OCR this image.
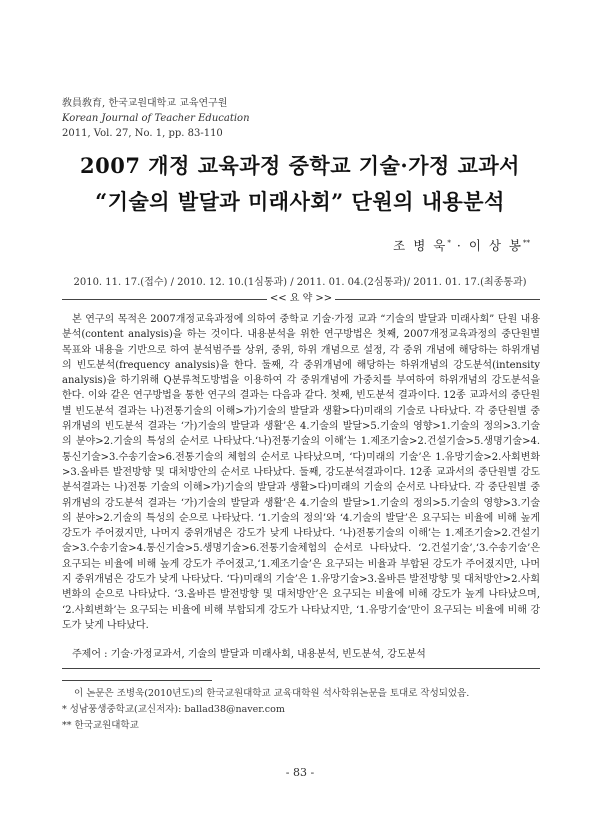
敎員敎育, 한국교원대학교 교육연구원
Korean Journal of Teacher Education
2011, Vol. 27, No. 1, pp. 83-110
2007 개정 교육과정 중학교 기술·가정 교과서
“기술의 발달과 미래사회” 단원의 내용분석
조 병 욱* · 이 상 봉**
2010. 11. 17.(접수) / 2010. 12. 10.(1심통과) / 2011. 01. 04.(2심통과)/ 2011. 01. 17.(최종통과)
<< 요 약 >>

본 연구의 목적은 2007개정교육과정에 의하여 중학교 기술·가정 교과 “기술의 발달과 미래사회” 단원 내용분석(content analysis)을 하는 것이다. 내용분석을 위한 연구방법은 첫째, 2007개정교육과정의 중단원별 목표와 내용을 기반으로 하여 분석범주를 상위, 중위, 하위 개념으로 설정, 각 중위 개념에 해당하는 하위개념의 빈도분석(frequency analysis)을 한다. 둘째, 각 중위개념에 해당하는 하위개념의 강도분석(intensity analysis)을 하기위해 Q분류척도방법을 이용하여 각 중위개념에 가중치를 부여하여 하위개념의 강도분석을 한다. 이와 같은 연구방법을 통한 연구의 결과는 다음과 같다. 첫째, 빈도분석 결과이다. 12종 교과서의 중단원별 빈도분석 결과는 나)전통기술의 이해>가)기술의 발달과 생활>다)미래의 기술로 나타났다. 각 중단원별 중위개념의 빈도분석 결과는 ‘가)기술의 발달과 생활’은 4.기술의 발달>5.기술의 영향>1.기술의 정의>3.기술의 분야>2.기술의 특성의 순서로 나타났다.‘나)전통기술의 이해’는 1.제조기술>2.건설기술>5.생명기술>4.통신기술>3.수송기술>6.전통기술의 체험의 순서로 나타났으며, ‘다)미래의 기술’은 1.유망기술>2.사회변화>3.올바른 발전방향 및 대처방안의 순서로 나타났다. 둘째, 강도분석결과이다. 12종 교과서의 중단원별 강도분석결과는 나)전통 기술의 이해>가)기술의 발달과 생활>다)미래의 기술의 순서로 나타났다. 각 중단원별 중위개념의 강도분석 결과는 ‘가)기술의 발달과 생활’은 4.기술의 발달>1.기술의 정의>5.기술의 영향>3.기술의 분야>2.기술의 특성의 순으로 나타났다. ‘1.기술의 정의’와 ‘4.기술의 발달’은 요구되는 비율에 비해 높게 강도가 주어졌지만, 나머지 중위개념은 강도가 낮게 나타났다. ‘나)전통기술의 이해’는 1.제조기술>2.건설기술>3.수송기술>4.통신기술>5.생명기술>6.전통기술체험의 순서로 나타났다. ‘2.건설기술’,‘3.수송기술’은 요구되는 비율에 비해 높게 강도가 주어졌고,‘1.제조기술’은 요구되는 비율과 부합된 강도가 주어졌지만, 나머지 중위개념은 강도가 낮게 나타났다. ‘다)미래의 기술’은 1.유망기술>3.올바른 발전방향 및 대처방안>2.사회변화의 순으로 나타났다. ‘3.올바른 발전방향 및 대처방안’은 요구되는 비율에 비해 강도가 높게 나타났으며, ‘2.사회변화’는 요구되는 비율에 비해 부합되게 강도가 나타났지만, ‘1.유망기술’만이 요구되는 비율에 비해 강도가 낮게 나타났다.

주제어 : 기술·가정교과서, 기술의 발달과 미래사회, 내용분석, 빈도분석, 강도분석
이 논문은 조병욱(2010년도)의 한국교원대학교 교육대학원 석사학위논문을 토대로 작성되었음.
* 성남풍생중학교(교신저자): ballad38@naver.com
** 한국교원대학교
- 83 -
